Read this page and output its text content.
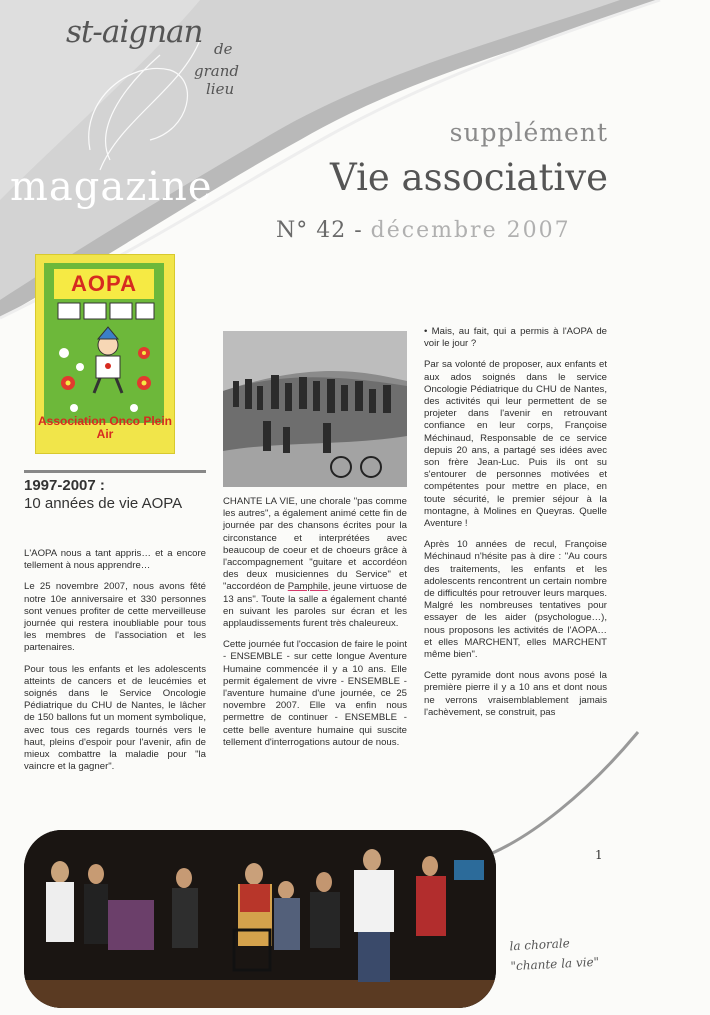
st-aignan de
grand
lieu
magazine
supplément
Vie associative
N° 42 - décembre 2007
AOPA
Association Onco Plein Air
1997-2007 :
10 années de vie AOPA

L'AOPA nous a tant appris… et a encore tellement à nous apprendre…

Le 25 novembre 2007, nous avons fêté notre 10e anniversaire et 330 personnes sont venues profiter de cette merveilleuse journée qui restera inoubliable pour tous les membres de l'association et les partenaires.

Pour tous les enfants et les adolescents atteints de cancers et de leucémies et soignés dans le Service Oncologie Pédiatrique du CHU de Nantes, le lâcher de 150 ballons fut un moment symbolique, avec tous ces regards tournés vers le haut, pleins d'espoir pour l'avenir, afin de mieux combattre la maladie pour "la vaincre et la gagner".

CHANTE LA VIE, une chorale "pas comme les autres", a également animé cette fin de journée par des chansons écrites pour la circonstance et interprétées avec beaucoup de coeur et de choeurs grâce à l'accompagnement "guitare et accordéon des deux musiciennes du Service" et "accordéon de Pamphile, jeune virtuose de 13 ans". Toute la salle a également chanté en suivant les paroles sur écran et les applaudissements furent très chaleureux.

Cette journée fut l'occasion de faire le point - ENSEMBLE - sur cette longue Aventure Humaine commencée il y a 10 ans. Elle permit également de vivre - ENSEMBLE - l'aventure humaine d'une journée, ce 25 novembre 2007. Elle va enfin nous permettre de continuer - ENSEMBLE - cette belle aventure humaine qui suscite tellement d'interrogations autour de nous.

• Mais, au fait, qui a permis à l'AOPA de voir le jour ?

Par sa volonté de proposer, aux enfants et aux ados soignés dans le service Oncologie Pédiatrique du CHU de Nantes, des activités qui leur permettent de se projeter dans l'avenir en retrouvant confiance en leur corps, Françoise Méchinaud, Responsable de ce service depuis 20 ans, a partagé ses idées avec son frère Jean-Luc. Puis ils ont su s'entourer de personnes motivées et compétentes pour mettre en place, en toute sécurité, le premier séjour à la montagne, à Molines en Queyras. Quelle Aventure !

Après 10 années de recul, Françoise Méchinaud n'hésite pas à dire : "Au cours des traitements, les enfants et les adolescents rencontrent un certain nombre de difficultés pour retrouver leurs marques. Malgré les nombreuses tentatives pour essayer de les aider (psychologue…), nous proposons les activités de l'AOPA… et elles MARCHENT, elles MARCHENT même bien".

Cette pyramide dont nous avons posé la première pierre il y a 10 ans et dont nous ne verrons vraisemblablement jamais l'achèvement, se construit, pas

1
la chorale
"chante la vie"
